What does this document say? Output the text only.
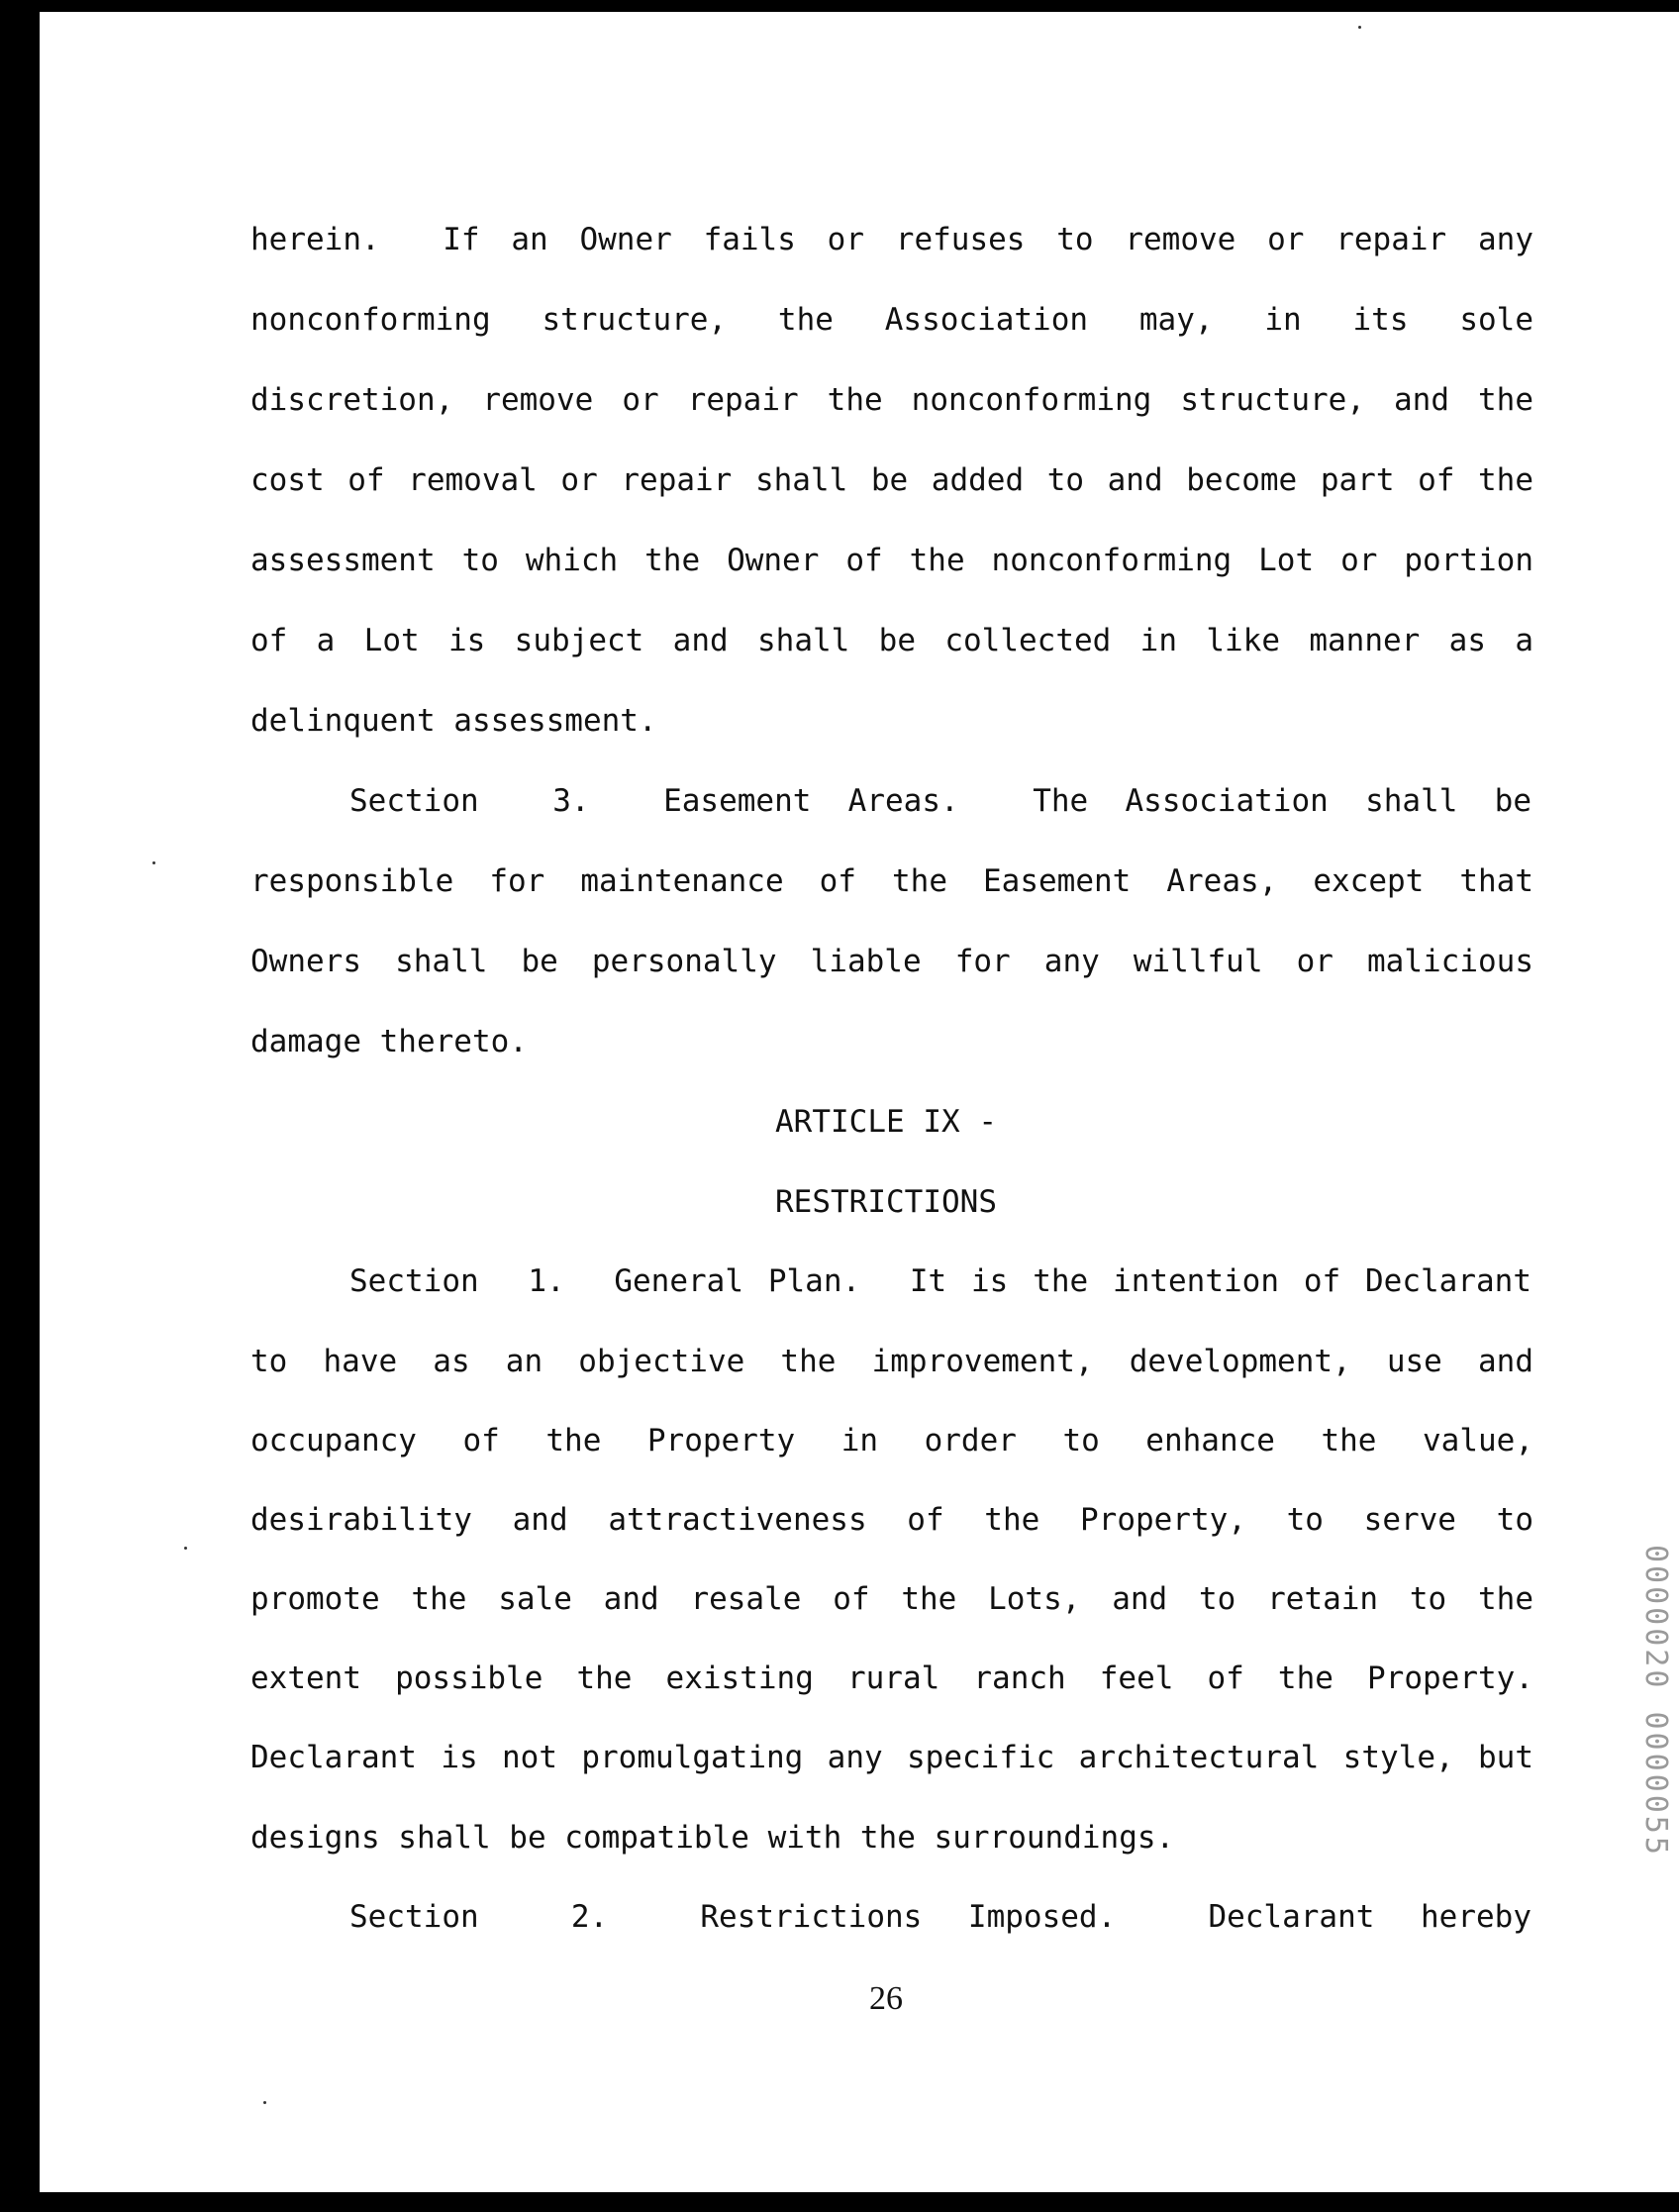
herein.  If an Owner fails or refuses to remove or repair any
nonconforming  structure,  the  Association  may,  in  its  sole
discretion, remove or repair the nonconforming structure, and the
cost of removal or repair shall be added to and become part of the
assessment to which the Owner of the nonconforming Lot or portion
of a Lot is subject and shall be collected in like manner as a
delinquent assessment.
Section  3.  Easement Areas.  The Association shall be
responsible for maintenance of the Easement Areas, except that
Owners shall be personally liable for any willful or malicious
damage thereto.
ARTICLE IX -
RESTRICTIONS
Section  1.  General Plan.  It is the intention of Declarant
to have as an objective the improvement, development, use and
occupancy of the Property in order to enhance the value,
desirability and attractiveness of the Property, to serve to
promote the sale and resale of the Lots, and to retain to the
extent possible the existing rural ranch feel of the Property.
Declarant is not promulgating any specific architectural style, but
designs shall be compatible with the surroundings.
Section  2.  Restrictions Imposed.  Declarant hereby
26
0000020 0000055
